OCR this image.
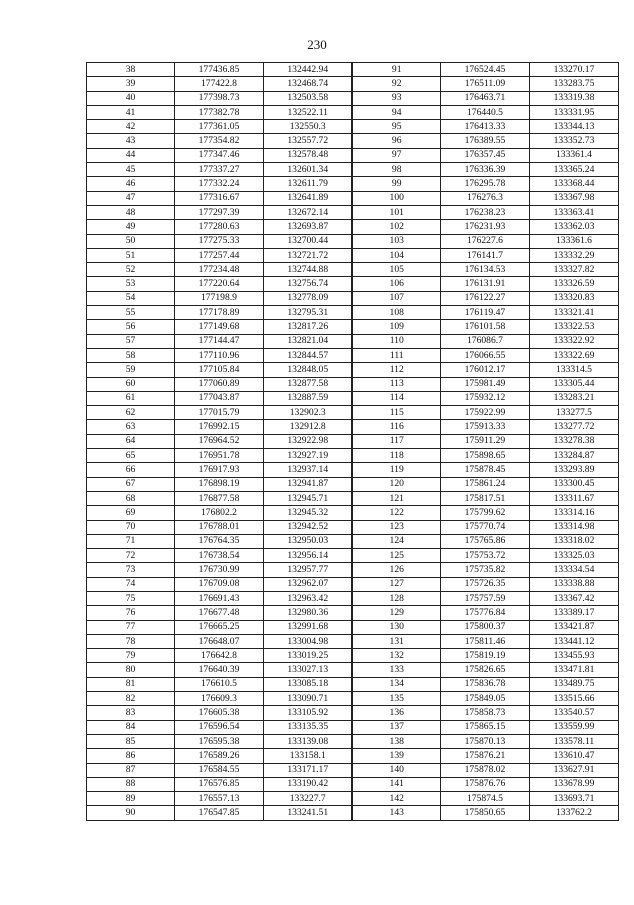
230
38	177436.85	132442.94	91	176524.45	133270.17
39	177422.8	132468.74	92	176511.09	133283.75
40	177398.73	132503.58	93	176463.71	133319.38
41	177382.78	132522.11	94	176440.5	133331.95
42	177361.05	132550.3	95	176413.33	133344.13
43	177354.82	132557.72	96	176389.55	133352.73
44	177347.46	132578.48	97	176357.45	133361.4
45	177337.27	132601.34	98	176336.39	133365.24
46	177332.24	132611.79	99	176295.78	133368.44
47	177316.67	132641.89	100	176276.3	133367.98
48	177297.39	132672.14	101	176238.23	133363.41
49	177280.63	132693.87	102	176231.93	133362.03
50	177275.33	132700.44	103	176227.6	133361.6
51	177257.44	132721.72	104	176141.7	133332.29
52	177234.48	132744.88	105	176134.53	133327.82
53	177220.64	132756.74	106	176131.91	133326.59
54	177198.9	132778.09	107	176122.27	133320.83
55	177178.89	132795.31	108	176119.47	133321.41
56	177149.68	132817.26	109	176101.58	133322.53
57	177144.47	132821.04	110	176086.7	133322.92
58	177110.96	132844.57	111	176066.55	133322.69
59	177105.84	132848.05	112	176012.17	133314.5
60	177060.89	132877.58	113	175981.49	133305.44
61	177043.87	132887.59	114	175932.12	133283.21
62	177015.79	132902.3	115	175922.99	133277.5
63	176992.15	132912.8	116	175913.33	133277.72
64	176964.52	132922.98	117	175911.29	133278.38
65	176951.78	132927.19	118	175898.65	133284.87
66	176917.93	132937.14	119	175878.45	133293.89
67	176898.19	132941.87	120	175861.24	133300.45
68	176877.58	132945.71	121	175817.51	133311.67
69	176802.2	132945.32	122	175799.62	133314.16
70	176788.01	132942.52	123	175770.74	133314.98
71	176764.35	132950.03	124	175765.86	133318.02
72	176738.54	132956.14	125	175753.72	133325.03
73	176730.99	132957.77	126	175735.82	133334.54
74	176709.08	132962.07	127	175726.35	133338.88
75	176691.43	132963.42	128	175757.59	133367.42
76	176677.48	132980.36	129	175776.84	133389.17
77	176665.25	132991.68	130	175800.37	133421.87
78	176648.07	133004.98	131	175811.46	133441.12
79	176642.8	133019.25	132	175819.19	133455.93
80	176640.39	133027.13	133	175826.65	133471.81
81	176610.5	133085.18	134	175836.78	133489.75
82	176609.3	133090.71	135	175849.05	133515.66
83	176605.38	133105.92	136	175858.73	133540.57
84	176596.54	133135.35	137	175865.15	133559.99
85	176595.38	133139.08	138	175870.13	133578.11
86	176589.26	133158.1	139	175876.21	133610.47
87	176584.55	133171.17	140	175878.02	133627.91
88	176576.85	133190.42	141	175876.76	133678.99
89	176557.13	133227.7	142	175874.5	133693.71
90	176547.85	133241.51	143	175850.65	133762.2
